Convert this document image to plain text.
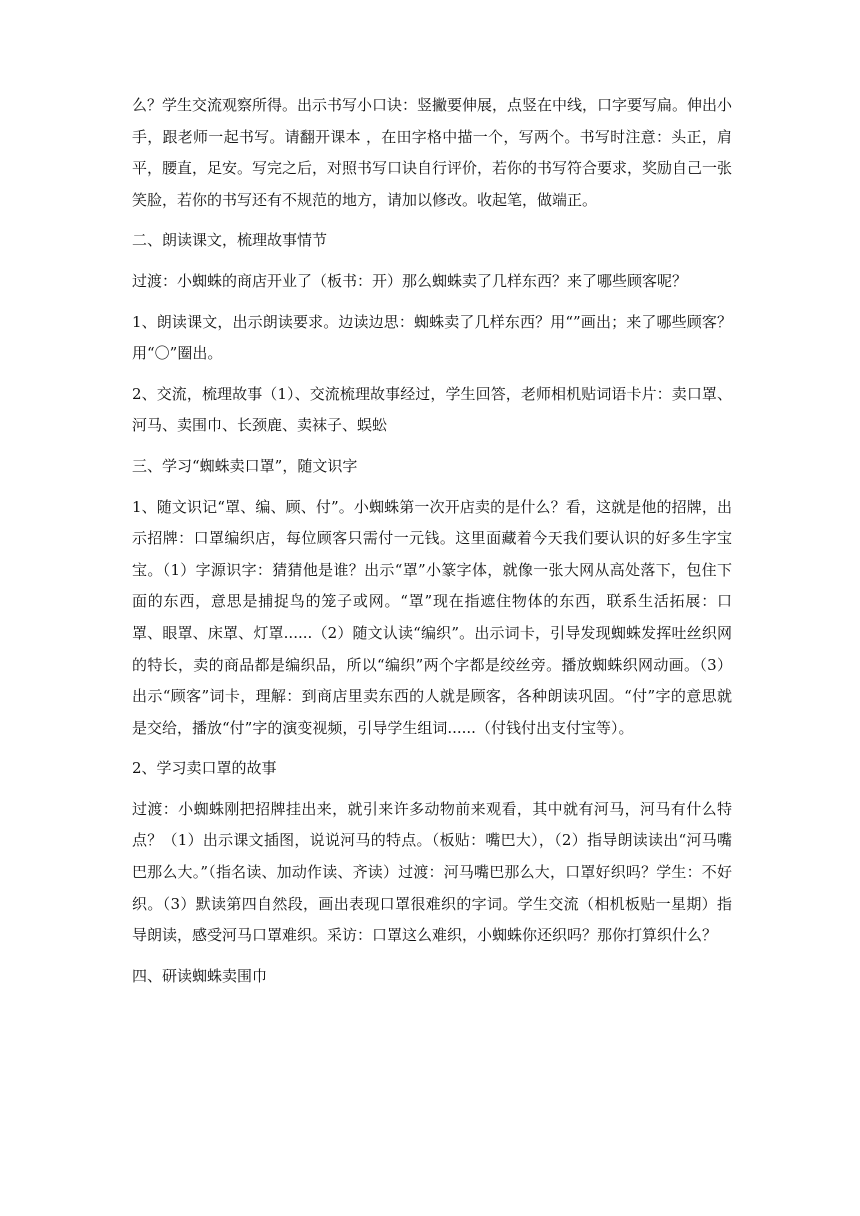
么？学生交流观察所得。出示书写小口诀：竖撇要伸展，点竖在中线，口字要写扁。伸出小手，跟老师一起书写。请翻开课本 ，在田字格中描一个，写两个。书写时注意：头正，肩平，腰直，足安。写完之后，对照书写口诀自行评价，若你的书写符合要求，奖励自己一张笑脸，若你的书写还有不规范的地方，请加以修改。收起笔，做端正。

二、朗读课文，梳理故事情节

过渡：小蜘蛛的商店开业了（板书：开）那么蜘蛛卖了几样东西？来了哪些顾客呢？

1、朗读课文，出示朗读要求。边读边思：蜘蛛卖了几样东西？用“”画出；来了哪些顾客？用“〇”圈出。

2、交流，梳理故事（1）、交流梳理故事经过，学生回答，老师相机贴词语卡片：卖口罩、河马、卖围巾、长颈鹿、卖袜子、蜈蚣

三、学习“蜘蛛卖口罩”，随文识字

1、随文识记“罩、编、顾、付”。小蜘蛛第一次开店卖的是什么？看，这就是他的招牌，出示招牌：口罩编织店，每位顾客只需付一元钱。这里面藏着今天我们要认识的好多生字宝宝。（1）字源识字：猜猜他是谁？出示“罩”小篆字体，就像一张大网从高处落下，包住下面的东西，意思是捕捉鸟的笼子或网。“罩”现在指遮住物体的东西，联系生活拓展：口罩、眼罩、床罩、灯罩......（2）随文认读“编织”。出示词卡，引导发现蜘蛛发挥吐丝织网的特长，卖的商品都是编织品，所以“编织”两个字都是绞丝旁。播放蜘蛛织网动画。（3）出示“顾客”词卡，理解：到商店里卖东西的人就是顾客，各种朗读巩固。“付”字的意思就是交给，播放“付”字的演变视频，引导学生组词......（付钱付出支付宝等）。

2、学习卖口罩的故事

过渡：小蜘蛛刚把招牌挂出来，就引来许多动物前来观看，其中就有河马，河马有什么特点？（1）出示课文插图，说说河马的特点。（板贴：嘴巴大），（2）指导朗读读出“河马嘴巴那么大。”（指名读、加动作读、齐读）过渡：河马嘴巴那么大，口罩好织吗？学生：不好织。（3）默读第四自然段，画出表现口罩很难织的字词。学生交流（相机板贴一星期）指导朗读，感受河马口罩难织。采访：口罩这么难织，小蜘蛛你还织吗？那你打算织什么？

四、研读蜘蛛卖围巾
